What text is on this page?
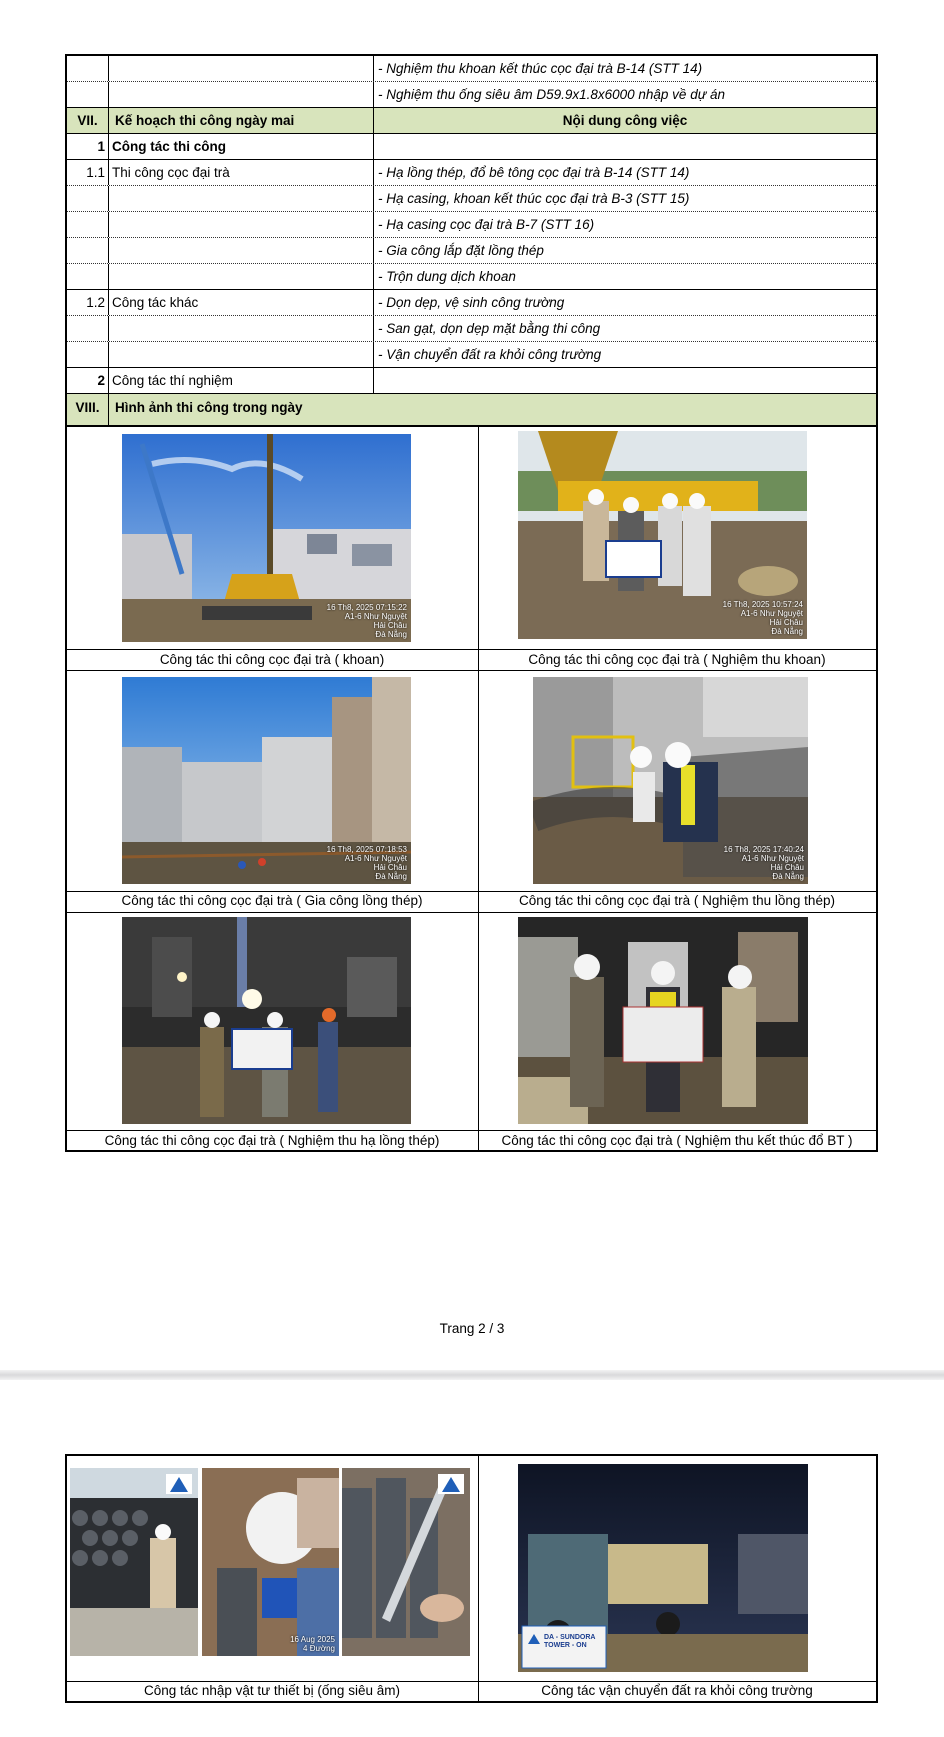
- Nghiệm thu khoan kết thúc cọc đại trà B-14 (STT 14)
- Nghiệm thu ống siêu âm D59.9x1.8x6000 nhập về dự án
VII.	Kế hoạch thi công ngày mai	Nội dung công việc
1 Công tác thi công
1.1 Thi công cọc đại trà	- Hạ lồng thép, đổ bê tông cọc đại trà B-14 (STT 14)
- Hạ casing, khoan kết thúc cọc đại trà B-3 (STT 15)
- Hạ casing cọc đại trà B-7 (STT 16)
- Gia công lắp đặt lồng thép
- Trộn dung dịch khoan
1.2 Công tác khác	- Dọn dẹp, vệ sinh công trường
- San gạt, dọn dẹp mặt bằng thi công
- Vận chuyển đất ra khỏi công trường
2 Công tác thí nghiệm
VIII.	Hình ảnh thi công trong ngày
16 Th8, 2025 07:15:22
A1-6 Như Nguyệt
Hải Châu
Đà Nẵng
Công tác thi công cọc đại trà ( khoan)
16 Th8, 2025 10:57:24
A1-6 Như Nguyệt
Hải Châu
Đà Nẵng
Công tác thi công cọc đại trà ( Nghiệm thu khoan)
16 Th8, 2025 07:18:53
A1-6 Như Nguyệt
Hải Châu
Đà Nẵng
Công tác thi công cọc đại trà ( Gia công lồng thép)
16 Th8, 2025 17:40:24
A1-6 Như Nguyệt
Hải Châu
Đà Nẵng
Công tác thi công cọc đại trà ( Nghiệm thu lồng thép)
Công tác thi công cọc đại trà ( Nghiệm thu hạ lồng thép)	Công tác thi công cọc đại trà ( Nghiệm thu kết thúc đổ BT )
Trang 2 / 3
16 Aug 2025
4 Đường
Công tác nhập vật tư thiết bị (ống siêu âm)
DA - SUNDORA
TOWER - ON
Công tác vận chuyển đất ra khỏi công trường
